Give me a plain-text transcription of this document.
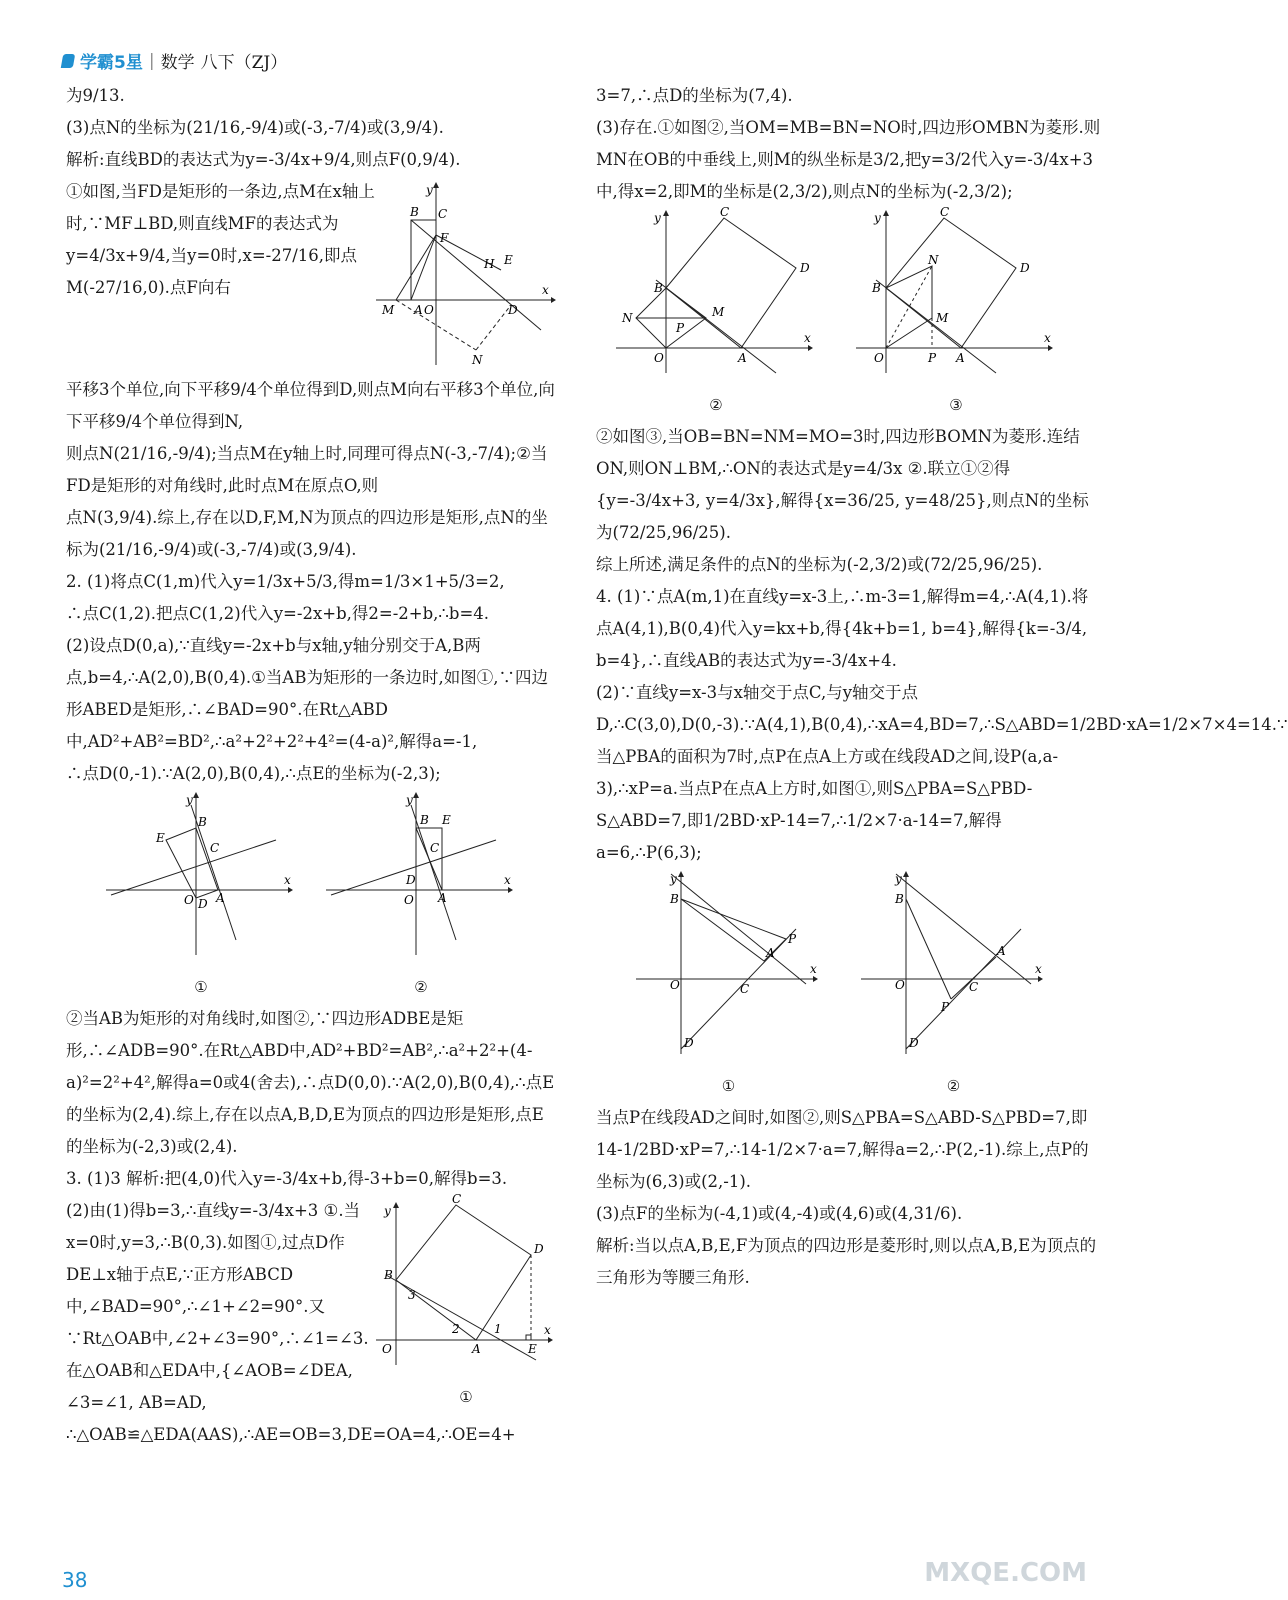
学霸5星 | 数学 八下（ZJ）

为9/13.

(3)点N的坐标为(21/16,-9/4)或(-3,-7/4)或(3,9/4).

解析:直线BD的表达式为y=-3/4x+9/4,则点F(0,9/4).

①如图,当FD是矩形的一条边,点M在x轴上时,∵MF⊥BD,则直线MF的表达式为y=4/3x+9/4,当y=0时,x=-27/16,即点M(-27/16,0).点F向右	x
y
B C
F
H E
M A O	D
N

平移3个单位,向下平移9/4个单位得到D,则点M向右平移3个单位,向下平移9/4个单位得到N,

则点N(21/16,-9/4);当点M在y轴上时,同理可得点N(-3,-7/4);②当FD是矩形的对角线时,此时点M在原点O,则

点N(3,9/4).综上,存在以D,F,M,N为顶点的四边形是矩形,点N的坐标为(21/16,-9/4)或(-3,-7/4)或(3,9/4).

2. (1)将点C(1,m)代入y=1/3x+5/3,得m=1/3×1+5/3=2,

∴点C(1,2).把点C(1,2)代入y=-2x+b,得2=-2+b,∴b=4.

(2)设点D(0,a),∵直线y=-2x+b与x轴,y轴分别交于A,B两点,b=4,∴A(2,0),B(0,4).①当AB为矩形的一条边时,如图①,∵四边形ABED是矩形,∴∠BAD=90°.在Rt△ABD中,AD²+AB²=BD²,∴a²+2²+2²+4²=(4-a)²,解得a=-1,

∴点D(0,-1).∵A(2,0),B(0,4),∴点E的坐标为(-2,3);

x
y
B
E
C
O D A
①
x
y
B E
C
O
D
A
②

②当AB为矩形的对角线时,如图②,∵四边形ADBE是矩形,∴∠ADB=90°.在Rt△ABD中,AD²+BD²=AB²,∴a²+2²+(4-a)²=2²+4²,解得a=0或4(舍去),∴点D(0,0).∵A(2,0),B(0,4),∴点E的坐标为(2,4).综上,存在以点A,B,D,E为顶点的四边形是矩形,点E的坐标为(-2,3)或(2,4).

3. (1)3 解析:把(4,0)代入y=-3/4x+b,得-3+b=0,解得b=3.

(2)由(1)得b=3,∴直线y=-3/4x+3 ①.当x=0时,y=3,∴B(0,3).如图①,过点D作DE⊥x轴于点E,∵正方形ABCD中,∠BAD=90°,∴∠1+∠2=90°.又∵Rt△OAB中,∠2+∠3=90°,∴∠1=∠3.在△OAB和△EDA中,{∠AOB=∠DEA, ∠3=∠1, AB=AD,

x
y
B
C
D
O	A	E
3
2	1
①

∴△OAB≌△EDA(AAS),∴AE=OB=3,DE=OA=4,∴OE=4+

3=7,∴点D的坐标为(7,4).

(3)存在.①如图②,当OM=MB=BN=NO时,四边形OMBN为菱形.则MN在OB的中垂线上,则M的纵坐标是3/2,把y=3/2代入y=-3/4x+3中,得x=2,即M的坐标是(2,3/2),则点N的坐标为(-2,3/2);

x
y
B
C
D
N	M
P
O	A
②
x
y
B
C
D
N
M
P
O	A
③

②如图③,当OB=BN=NM=MO=3时,四边形BOMN为菱形.连结ON,则ON⊥BM,∴ON的表达式是y=4/3x ②.联立①②得{y=-3/4x+3, y=4/3x},解得{x=36/25, y=48/25},则点N的坐标为(72/25,96/25).

综上所述,满足条件的点N的坐标为(-2,3/2)或(72/25,96/25).

4. (1)∵点A(m,1)在直线y=x-3上,∴m-3=1,解得m=4,∴A(4,1).将点A(4,1),B(0,4)代入y=kx+b,得{4k+b=1, b=4},解得{k=-3/4, b=4},∴直线AB的表达式为y=-3/4x+4.

(2)∵直线y=x-3与x轴交于点C,与y轴交于点D,∴C(3,0),D(0,-3).∵A(4,1),B(0,4),∴xA=4,BD=7,∴S△ABD=1/2BD·xA=1/2×7×4=14.∵当△PBA的面积为7时,点P在点A上方或在线段AD之间,设P(a,a-3),∴xP=a.当点P在点A上方时,如图①,则S△PBA=S△PBD-S△ABD=7,即1/2BD·xP-14=7,∴1/2×7·a-14=7,解得a=6,∴P(6,3);

x
y
B
P
A
O	C
D
①
x
y
B
A
P
O	C
D
②

当点P在线段AD之间时,如图②,则S△PBA=S△ABD-S△PBD=7,即14-1/2BD·xP=7,∴14-1/2×7·a=7,解得a=2,∴P(2,-1).综上,点P的坐标为(6,3)或(2,-1).

(3)点F的坐标为(-4,1)或(4,-4)或(4,6)或(4,31/6).

解析:当以点A,B,E,F为顶点的四边形是菱形时,则以点A,B,E为顶点的三角形为等腰三角形.

38	MXQE.COM
